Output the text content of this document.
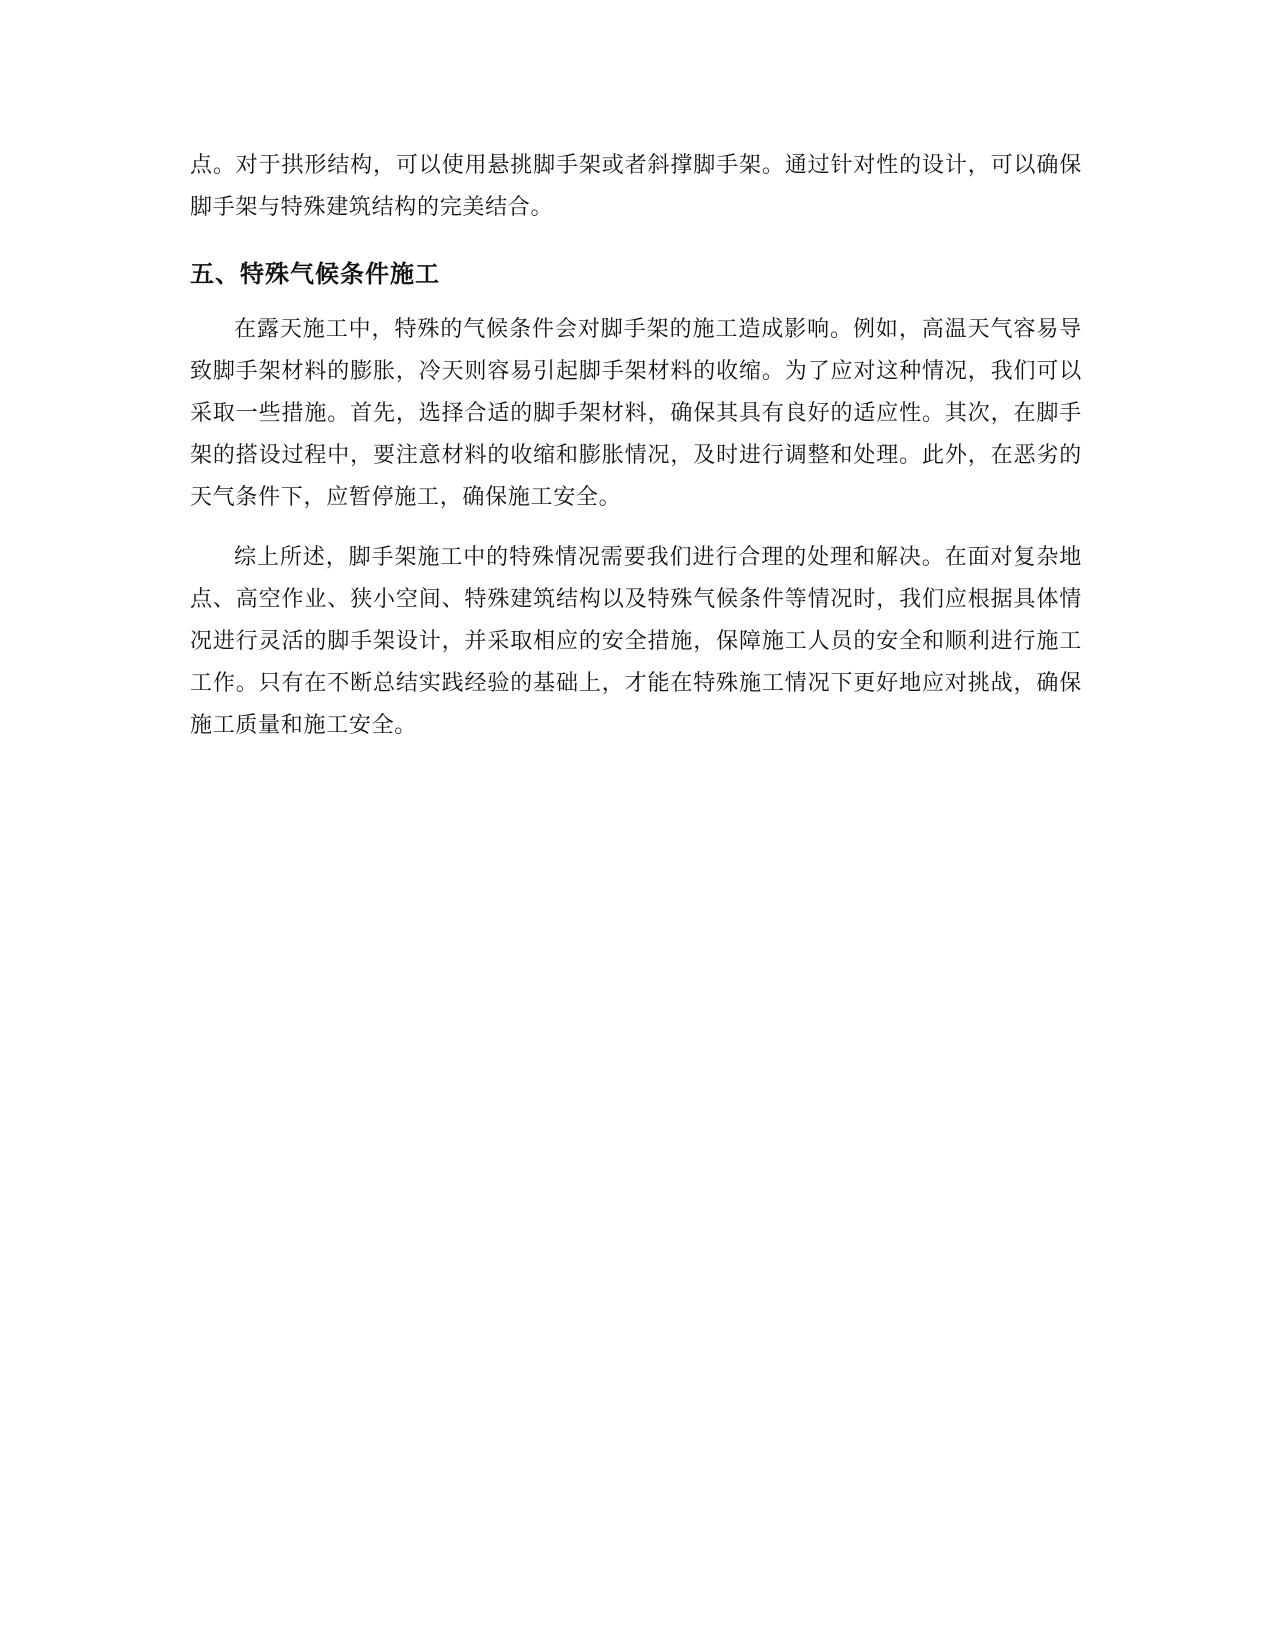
点。对于拱形结构，可以使用悬挑脚手架或者斜撑脚手架。通过针对性的设计，可以确保脚手架与特殊建筑结构的完美结合。

五、特殊气候条件施工

在露天施工中，特殊的气候条件会对脚手架的施工造成影响。例如，高温天气容易导致脚手架材料的膨胀，冷天则容易引起脚手架材料的收缩。为了应对这种情况，我们可以采取一些措施。首先，选择合适的脚手架材料，确保其具有良好的适应性。其次，在脚手架的搭设过程中，要注意材料的收缩和膨胀情况，及时进行调整和处理。此外，在恶劣的天气条件下，应暂停施工，确保施工安全。

综上所述，脚手架施工中的特殊情况需要我们进行合理的处理和解决。在面对复杂地点、高空作业、狭小空间、特殊建筑结构以及特殊气候条件等情况时，我们应根据具体情况进行灵活的脚手架设计，并采取相应的安全措施，保障施工人员的安全和顺利进行施工工作。只有在不断总结实践经验的基础上，才能在特殊施工情况下更好地应对挑战，确保施工质量和施工安全。
